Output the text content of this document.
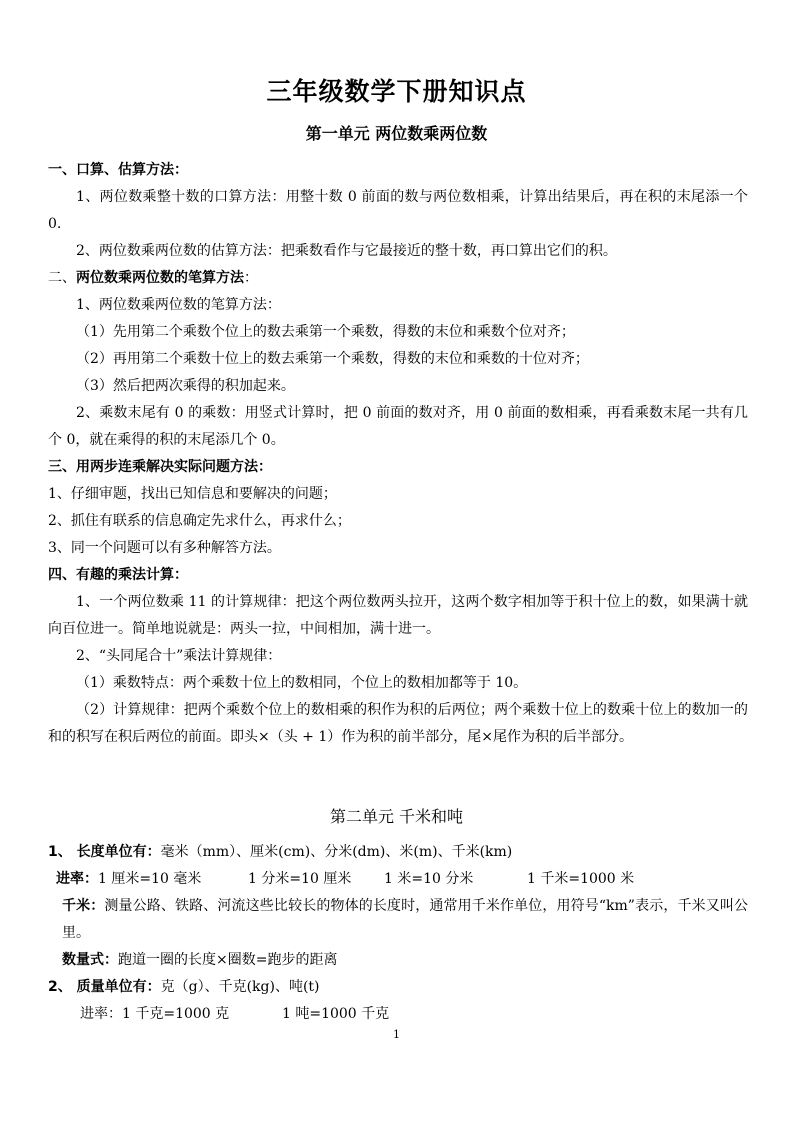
三年级数学下册知识点
第一单元 两位数乘两位数
一、口算、估算方法：
1、两位数乘整十数的口算方法：用整十数 0 前面的数与两位数相乘，计算出结果后，再在积的末尾添一个 0.
2、两位数乘两位数的估算方法：把乘数看作与它最接近的整十数，再口算出它们的积。
二、两位数乘两位数的笔算方法：
1、两位数乘两位数的笔算方法：
（1）先用第二个乘数个位上的数去乘第一个乘数，得数的末位和乘数个位对齐；
（2）再用第二个乘数十位上的数去乘第一个乘数，得数的末位和乘数的十位对齐；
（3）然后把两次乘得的积加起来。
2、乘数末尾有 0 的乘数：用竖式计算时，把 0 前面的数对齐，用 0 前面的数相乘，再看乘数末尾一共有几个 0，就在乘得的积的末尾添几个 0。
三、用两步连乘解决实际问题方法：
1、仔细审题，找出已知信息和要解决的问题；
2、抓住有联系的信息确定先求什么，再求什么；
3、同一个问题可以有多种解答方法。
四、有趣的乘法计算：
1、一个两位数乘 11 的计算规律：把这个两位数两头拉开，这两个数字相加等于积十位上的数，如果满十就向百位进一。简单地说就是：两头一拉，中间相加，满十进一。
2、“头同尾合十”乘法计算规律：
（1）乘数特点：两个乘数十位上的数相同，个位上的数相加都等于 10。
（2）计算规律：把两个乘数个位上的数相乘的积作为积的后两位；两个乘数十位上的数乘十位上的数加一的和的积写在积后两位的前面。即头×（头 + 1）作为积的前半部分，尾×尾作为积的后半部分。
第二单元 千米和吨
1、 长度单位有：毫米（mm）、厘米(cm)、分米(dm)、米(m)、千米(km)
进率：1 厘米=10 毫米	1 分米=10 厘米 1 米=10 分米	1 千米=1000 米
千米：测量公路、铁路、河流这些比较长的物体的长度时，通常用千米作单位，用符号“km”表示，千米又叫公里。
数量式：跑道一圈的长度×圈数=跑步的距离
2、 质量单位有：克（g）、千克(kg)、吨(t)
进率：1 千克=1000 克	1 吨=1000 千克
1
